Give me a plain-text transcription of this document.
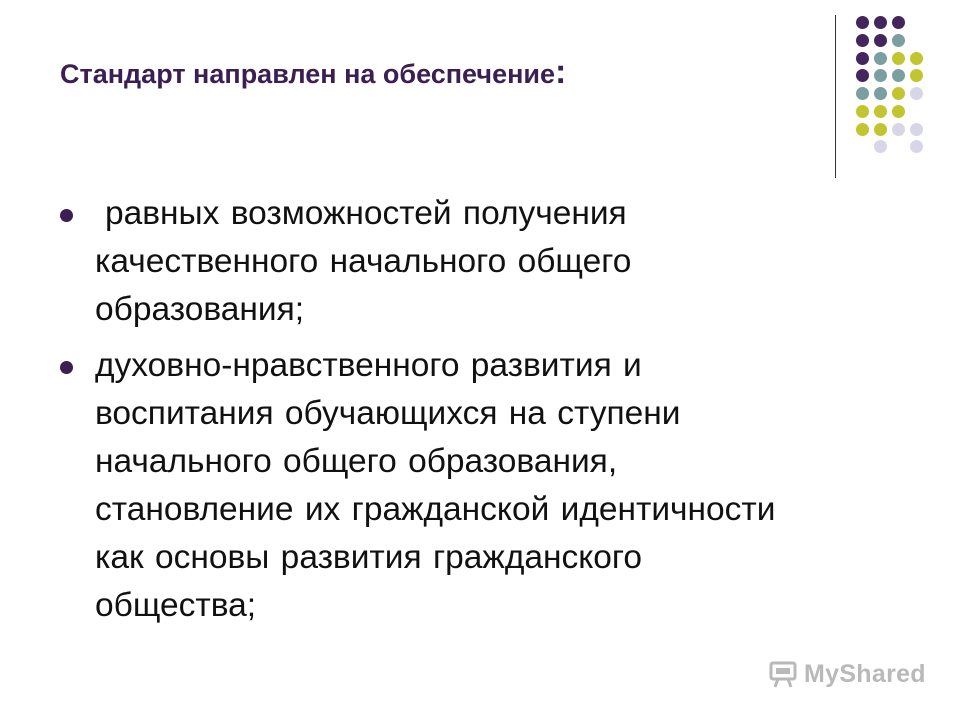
Стандарт направлен на обеспечение:
равных возможностей получения
качественного начального общего
образования;
духовно-нравственного развития и
воспитания обучающихся на ступени
начального общего образования,
становление их гражданской идентичности
как основы развития гражданского
общества;
MyShared
